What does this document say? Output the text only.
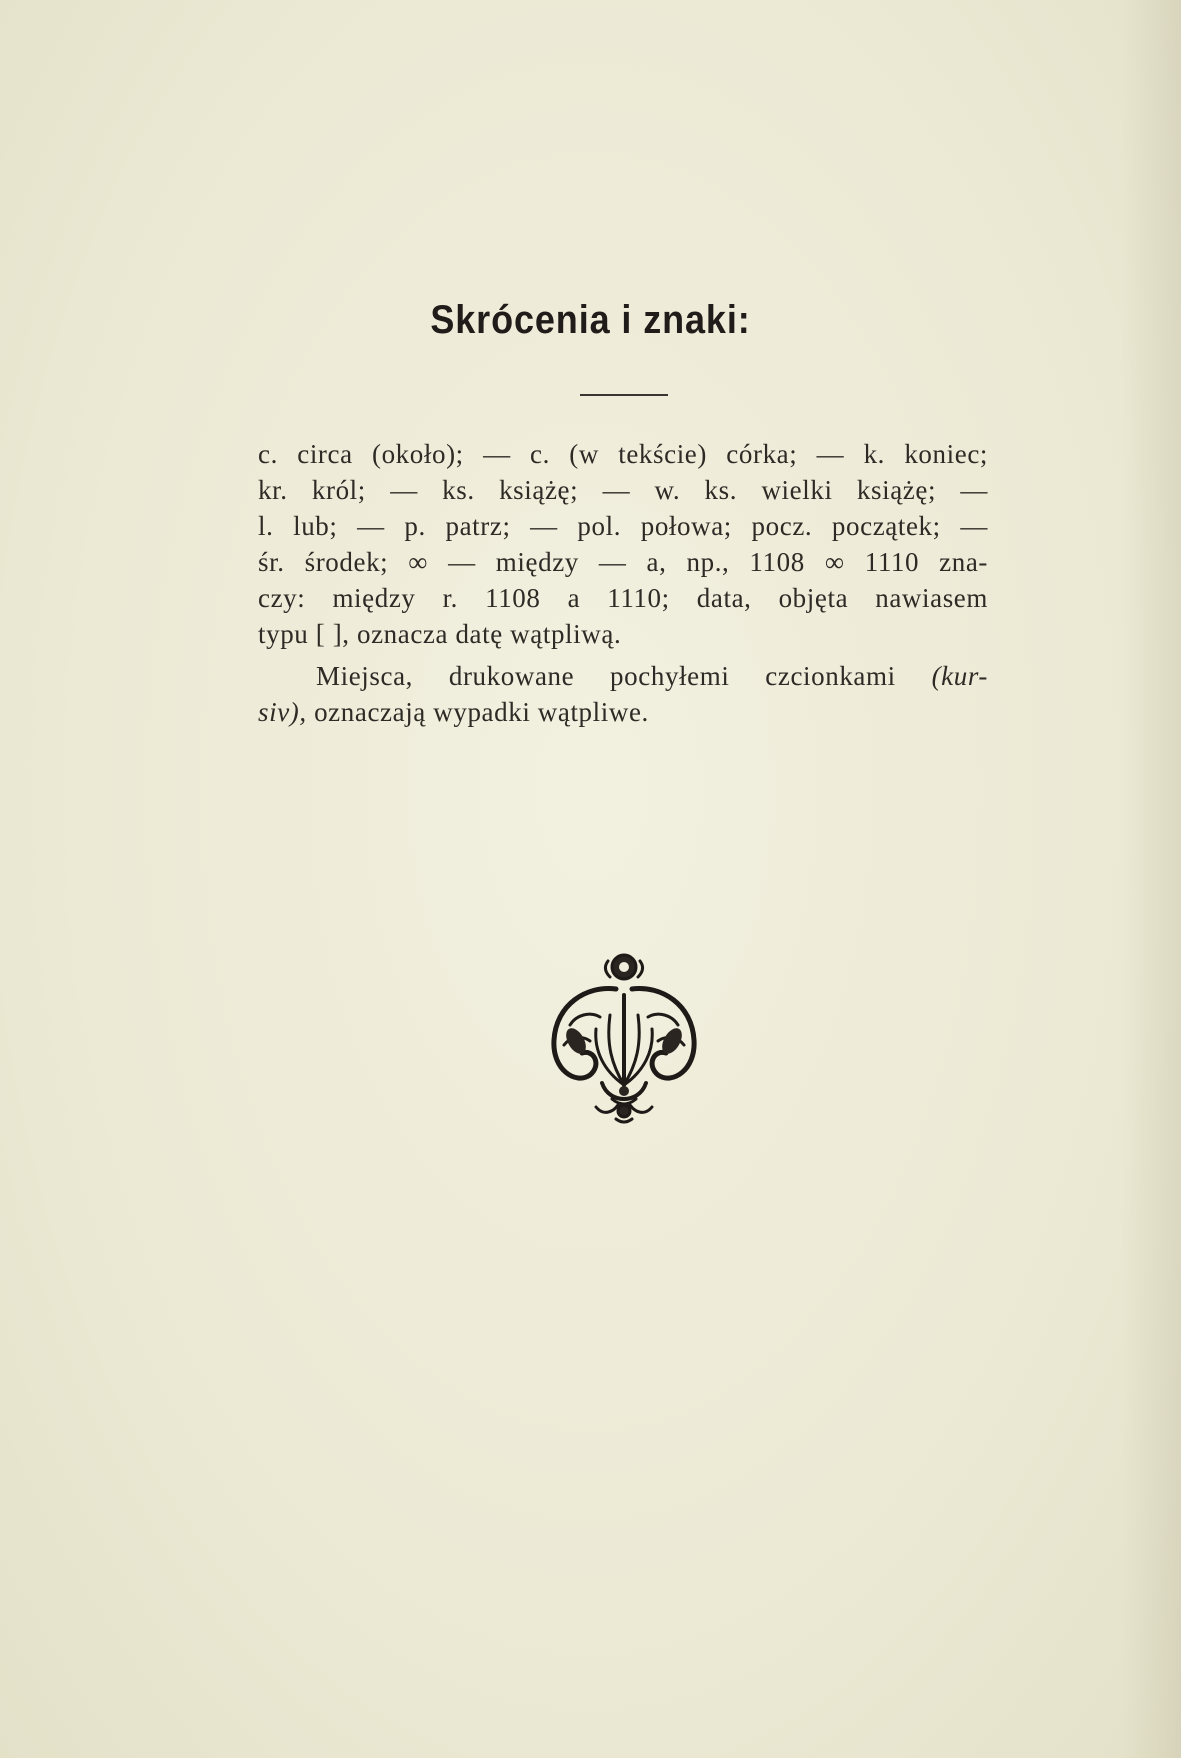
Skrócenia i znaki:
c. circa (około); — c. (w tekście) córka; — k. koniec;
kr. król; — ks. książę; — w. ks. wielki książę; —
l. lub; — p. patrz; — pol. połowa; pocz. początek; —
śr. środek; ∞ — między — a, np., 1108 ∞ 1110 zna-
czy: między r. 1108 a 1110; data, objęta nawiasem
typu [ ], oznacza datę wątpliwą.
Miejsca, drukowane pochyłemi czcionkami (kur-
siv), oznaczają wypadki wątpliwe.
